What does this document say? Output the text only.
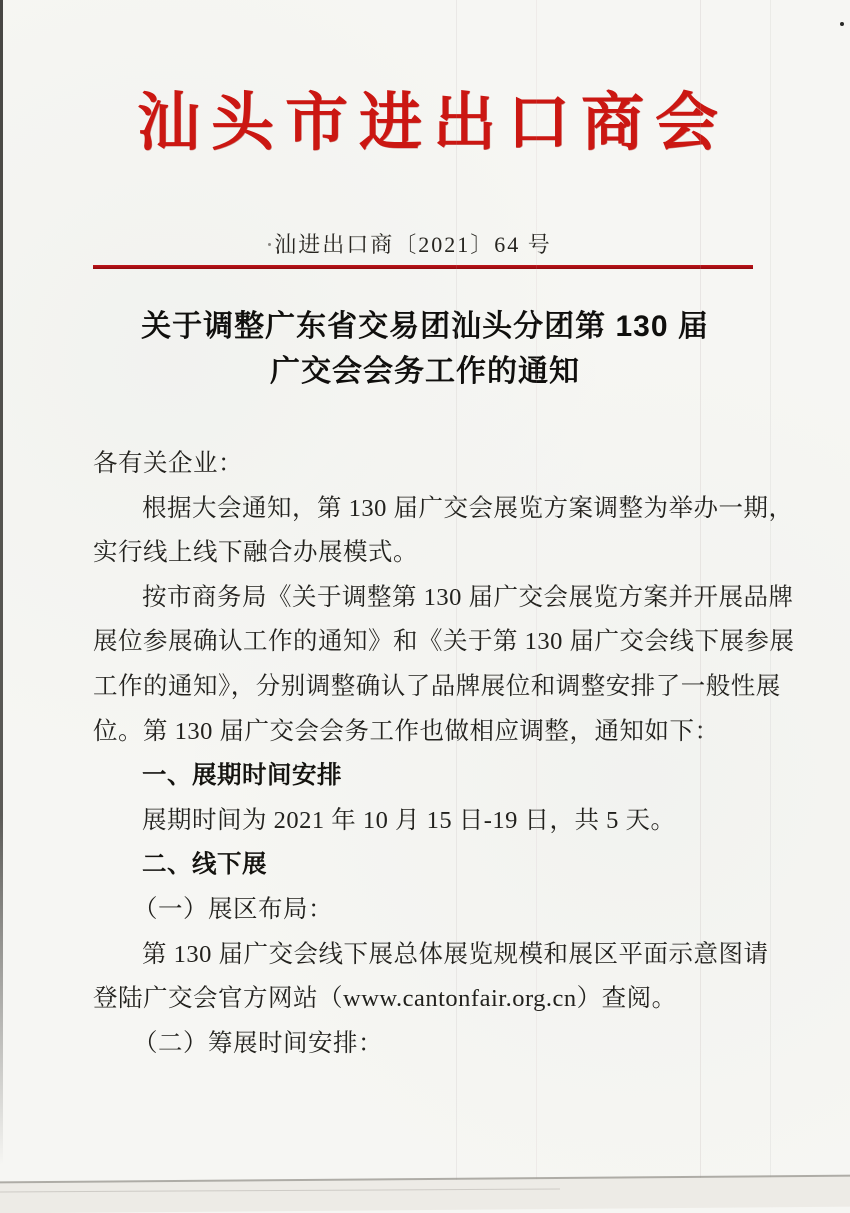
汕头市进出口商会
汕进出口商〔2021〕64 号
关于调整广东省交易团汕头分团第 130 届
广交会会务工作的通知
各有关企业：
根据大会通知，第 130 届广交会展览方案调整为举办一期，
实行线上线下融合办展模式。
按市商务局《关于调整第 130 届广交会展览方案并开展品牌
展位参展确认工作的通知》和《关于第 130 届广交会线下展参展
工作的通知》，分别调整确认了品牌展位和调整安排了一般性展
位。第 130 届广交会会务工作也做相应调整，通知如下：
一、展期时间安排
展期时间为 2021 年 10 月 15 日-19 日，共 5 天。
二、线下展
（一）展区布局：
第 130 届广交会线下展总体展览规模和展区平面示意图请
登陆广交会官方网站（www.cantonfair.org.cn）查阅。
（二）筹展时间安排：
